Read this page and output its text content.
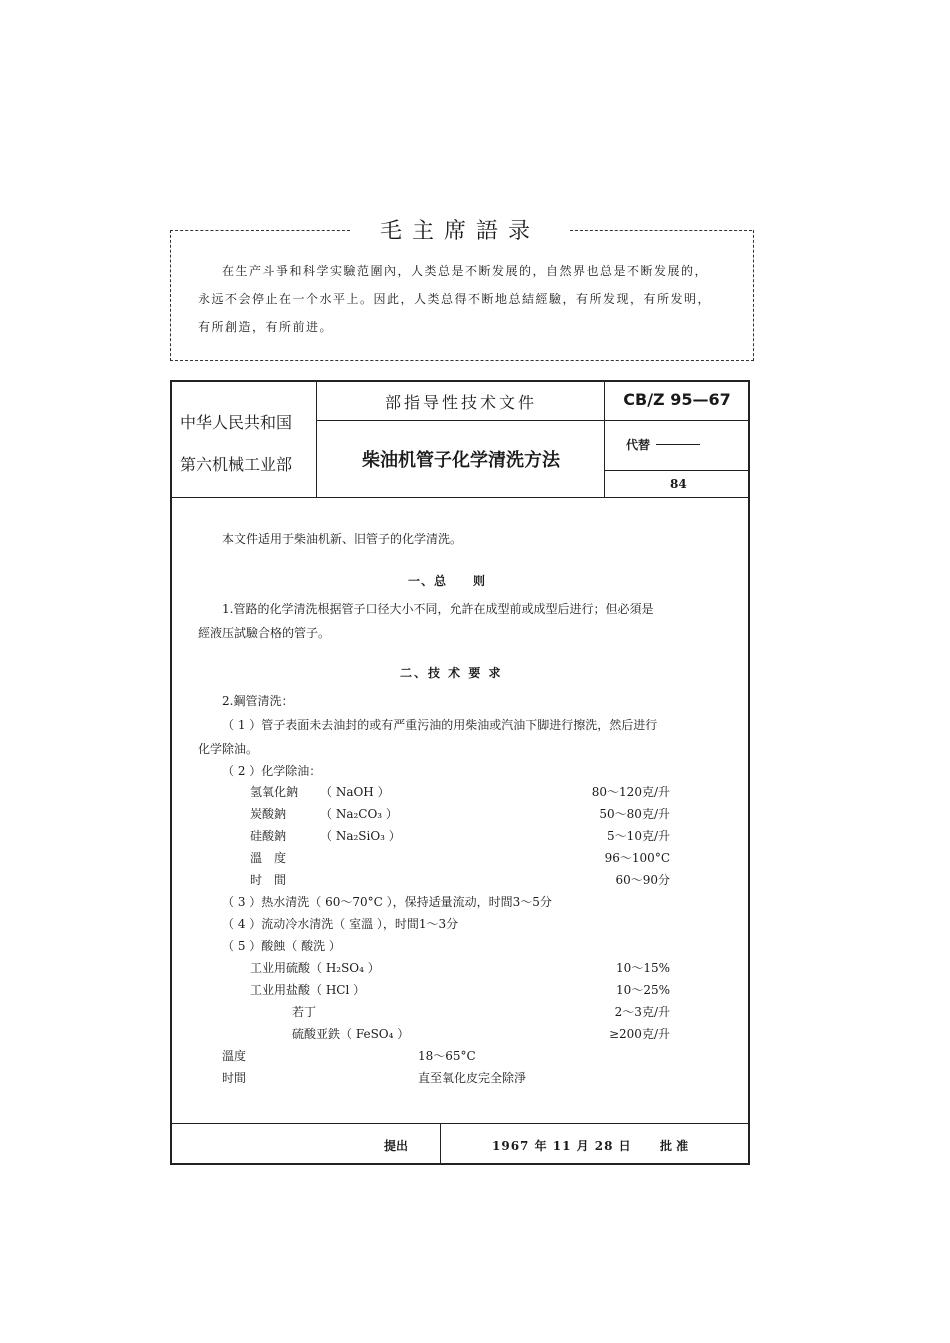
毛主席語录
在生产斗爭和科学实驗范圍內，人类总是不断发展的，自然界也总是不断发展的，
永远不会停止在一个水平上。因此，人类总得不断地总結經驗，有所发现，有所发明，
有所創造，有所前进。
中华人民共和国
第六机械工业部
部指导性技术文件
柴油机管子化学清洗方法
CB/Z 95—67
代替
84
本文件适用于柴油机新、旧管子的化学清洗。
一、总　　则
1.管路的化学清洗根据管子口径大小不同，允許在成型前或成型后进行；但必須是
經液压試驗合格的管子。
二、技 术 要 求
2.鋼管清洗：
（ 1 ）管子表面未去油封的或有严重污油的用柴油或汽油下脚进行擦洗，然后进行
化学除油。
（ 2 ）化学除油：
氢氧化鈉 （ NaOH ）	80～120克/升
炭酸鈉	（ Na₂CO₃ ）	50～80克/升
硅酸鈉	（ Na₂SiO₃ ）	5～10克/升
溫　度	96～100°C
时　間	60～90分
（ 3 ）热水清洗（ 60～70°C ），保持适量流动，时間3～5分
（ 4 ）流动冷水清洗（ 室溫 ），时間1～3分
（ 5 ）酸蝕（ 酸洗 ）
工业用硫酸（ H₂SO₄ ）	10～15%
工业用盐酸（ HCl ）	10～25%
若丁	2～3克/升
硫酸亚鉄（ FeSO₄ ）	≥200克/升
溫度	18～65°C
时間	直至氧化皮完全除淨
提出	1967 年 11 月 28 日 批 准
